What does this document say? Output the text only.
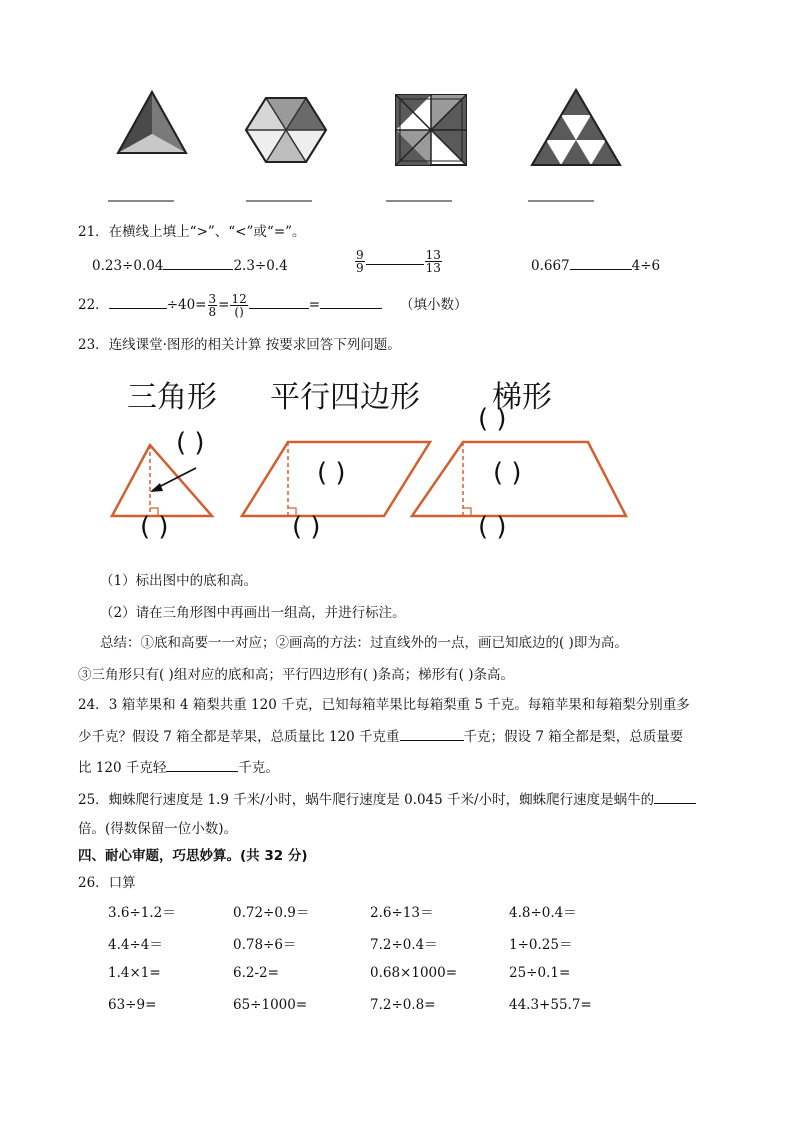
21．在横线上填上“>”、“<”或“=”。
0.23÷0.04	2.3÷0.4	$\frac{9}{9}$	$\frac{13}{13}$	0.667	4÷6
22．	$\div 40= \frac{3}{8} = \frac{12}{()}$	=	（填小数）
23．连线课堂·图形的相关计算 按要求回答下列问题。
三角形 平行四边形 梯形
( )
( )
( )
( )
( )
( )
( )
（1）标出图中的底和高。
（2）请在三角形图中再画出一组高，并进行标注。
总结：①底和高要一一对应；②画高的方法：过直线外的一点，画已知底边的( )即为高。
③三角形只有( )组对应的底和高；平行四边形有( )条高；梯形有( )条高。
24．3 箱苹果和 4 箱梨共重 120 千克，已知每箱苹果比每箱梨重 5 千克。每箱苹果和每箱梨分别重多
少千克？假设 7 箱全都是苹果，总质量比 120 千克重	千克；假设 7 箱全都是梨，总质量要
比 120 千克轻	千克。
25．蜘蛛爬行速度是 1.9 千米/小时，蜗牛爬行速度是 0.045 千米/小时，蜘蛛爬行速度是蜗牛的
倍。(得数保留一位小数)。
四、耐心审题，巧思妙算。(共 32 分)
26．口算
3.6÷1.2＝	0.72÷0.9＝	2.6÷13＝	4.8÷0.4＝
4.4÷4＝	0.78÷6＝	7.2÷0.4＝	1÷0.25＝
1.4×1=	6.2-2=	0.68×1000=	25÷0.1=
63÷9=	65÷1000=	7.2÷0.8=	44.3+55.7=
